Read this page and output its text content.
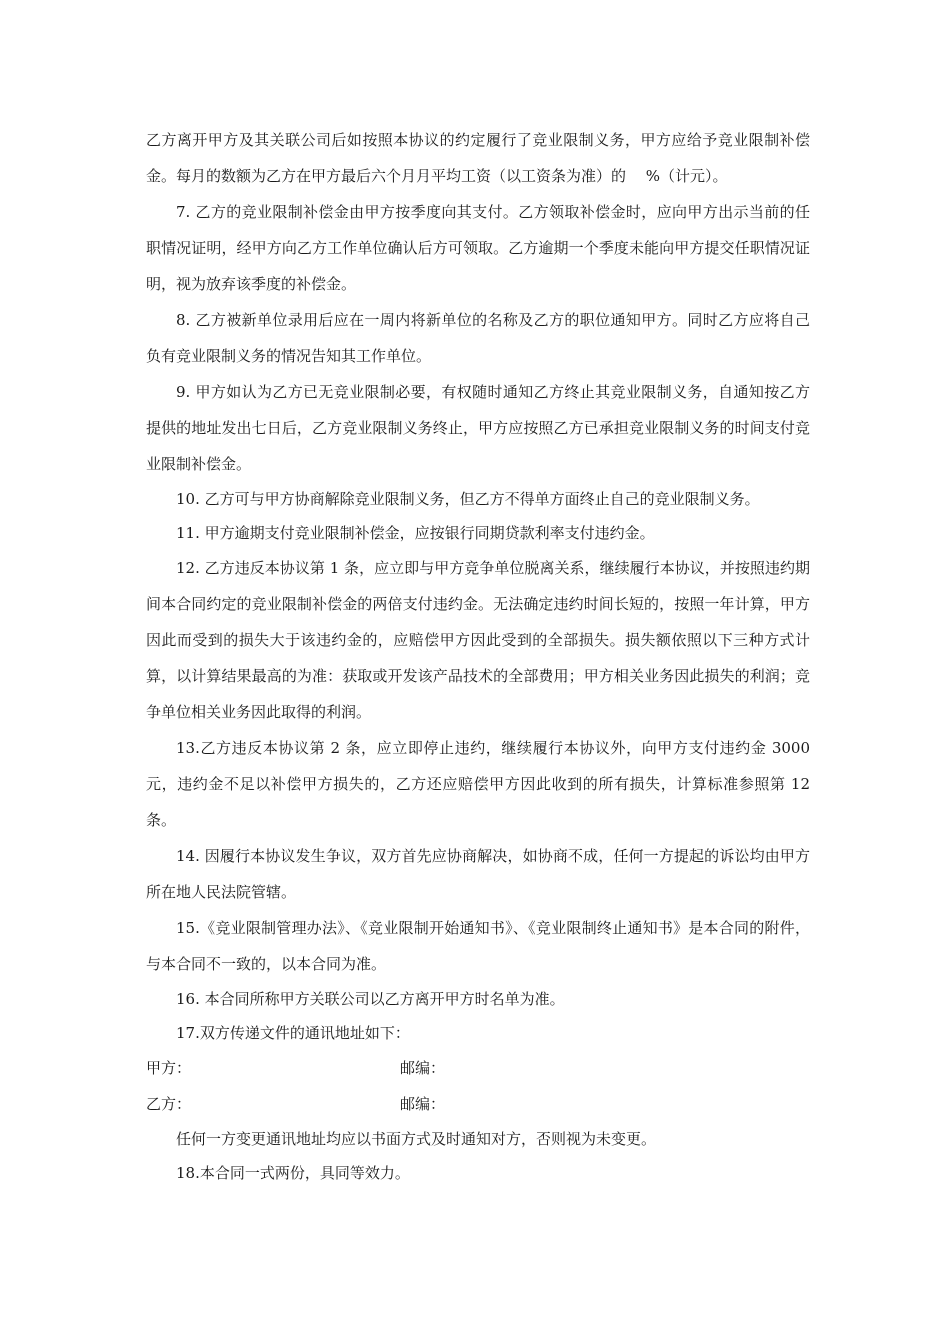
乙方离开甲方及其关联公司后如按照本协议的约定履行了竞业限制义务，甲方应给予竞业限制补偿金。每月的数额为乙方在甲方最后六个月月平均工资（以工资条为准）的 　%（计元）。

7. 乙方的竞业限制补偿金由甲方按季度向其支付。乙方领取补偿金时，应向甲方出示当前的任职情况证明，经甲方向乙方工作单位确认后方可领取。乙方逾期一个季度未能向甲方提交任职情况证明，视为放弃该季度的补偿金。

8. 乙方被新单位录用后应在一周内将新单位的名称及乙方的职位通知甲方。同时乙方应将自己负有竞业限制义务的情况告知其工作单位。

9. 甲方如认为乙方已无竞业限制必要，有权随时通知乙方终止其竞业限制义务，自通知按乙方提供的地址发出七日后，乙方竞业限制义务终止，甲方应按照乙方已承担竞业限制义务的时间支付竞业限制补偿金。

10. 乙方可与甲方协商解除竞业限制义务，但乙方不得单方面终止自己的竞业限制义务。

11. 甲方逾期支付竞业限制补偿金，应按银行同期贷款利率支付违约金。

12. 乙方违反本协议第 1 条，应立即与甲方竞争单位脱离关系，继续履行本协议，并按照违约期间本合同约定的竞业限制补偿金的两倍支付违约金。无法确定违约时间长短的，按照一年计算，甲方因此而受到的损失大于该违约金的，应赔偿甲方因此受到的全部损失。损失额依照以下三种方式计算，以计算结果最高的为准：获取或开发该产品技术的全部费用；甲方相关业务因此损失的利润；竞争单位相关业务因此取得的利润。

13.乙方违反本协议第 2 条，应立即停止违约，继续履行本协议外，向甲方支付违约金 3000 元，违约金不足以补偿甲方损失的，乙方还应赔偿甲方因此收到的所有损失，计算标准参照第 12 条。

14. 因履行本协议发生争议，双方首先应协商解决，如协商不成，任何一方提起的诉讼均由甲方所在地人民法院管辖。

15.《竞业限制管理办法》、《竞业限制开始通知书》、《竞业限制终止通知书》是本合同的附件，与本合同不一致的，以本合同为准。

16. 本合同所称甲方关联公司以乙方离开甲方时名单为准。

17.双方传递文件的通讯地址如下：

甲方：	邮编：
乙方：	邮编：

任何一方变更通讯地址均应以书面方式及时通知对方，否则视为未变更。

18.本合同一式两份，具同等效力。
